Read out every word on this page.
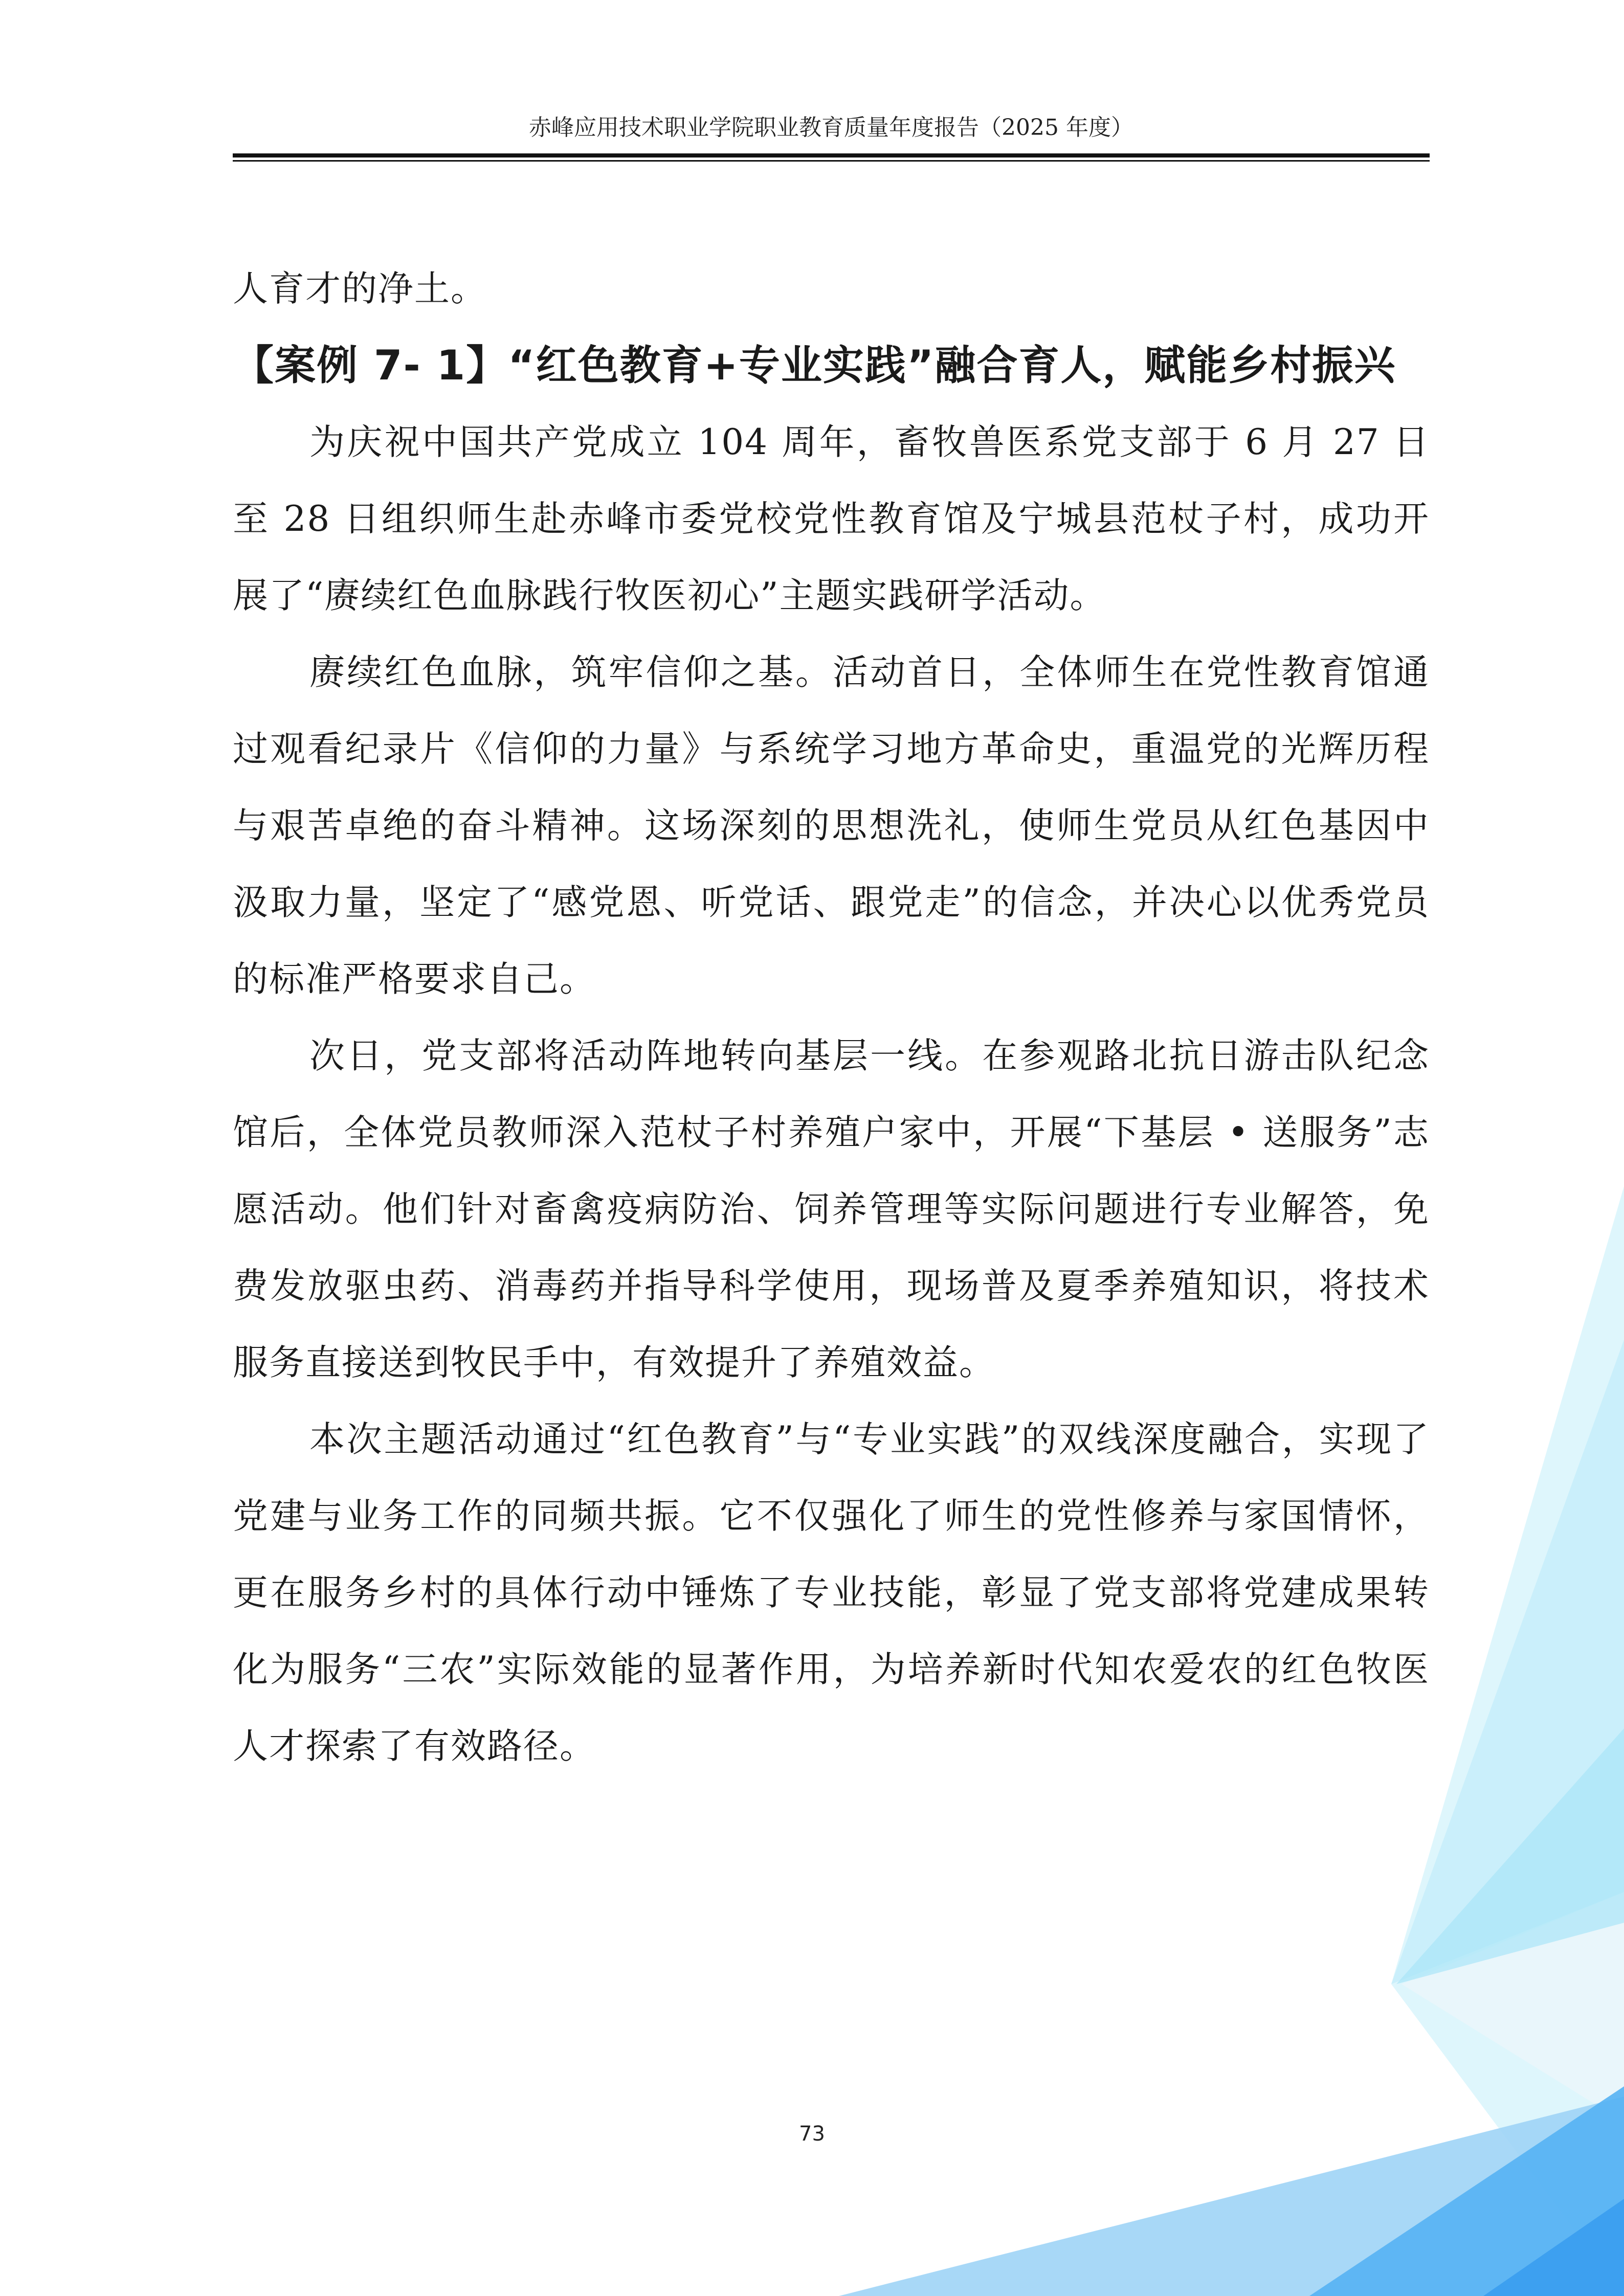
赤峰应用技术职业学院职业教育质量年度报告（2025 年度）

人育才的净土。

【案例 7- 1】“红色教育+专业实践”融合育人，赋能乡村振兴

为庆祝中国共产党成立 104 周年，畜牧兽医系党支部于 6 月 27 日至 28 日组织师生赴赤峰市委党校党性教育馆及宁城县范杖子村，成功开展了“赓续红色血脉践行牧医初心”主题实践研学活动。

赓续红色血脉，筑牢信仰之基。活动首日，全体师生在党性教育馆通过观看纪录片《信仰的力量》与系统学习地方革命史，重温党的光辉历程与艰苦卓绝的奋斗精神。这场深刻的思想洗礼，使师生党员从红色基因中汲取力量，坚定了“感党恩、听党话、跟党走”的信念，并决心以优秀党员的标准严格要求自己。

次日，党支部将活动阵地转向基层一线。在参观路北抗日游击队纪念馆后，全体党员教师深入范杖子村养殖户家中，开展“下基层 • 送服务”志愿活动。他们针对畜禽疫病防治、饲养管理等实际问题进行专业解答，免费发放驱虫药、消毒药并指导科学使用，现场普及夏季养殖知识，将技术服务直接送到牧民手中，有效提升了养殖效益。

本次主题活动通过“红色教育”与“专业实践”的双线深度融合，实现了党建与业务工作的同频共振。它不仅强化了师生的党性修养与家国情怀，更在服务乡村的具体行动中锤炼了专业技能，彰显了党支部将党建成果转化为服务“三农”实际效能的显著作用，为培养新时代知农爱农的红色牧医人才探索了有效路径。

73
